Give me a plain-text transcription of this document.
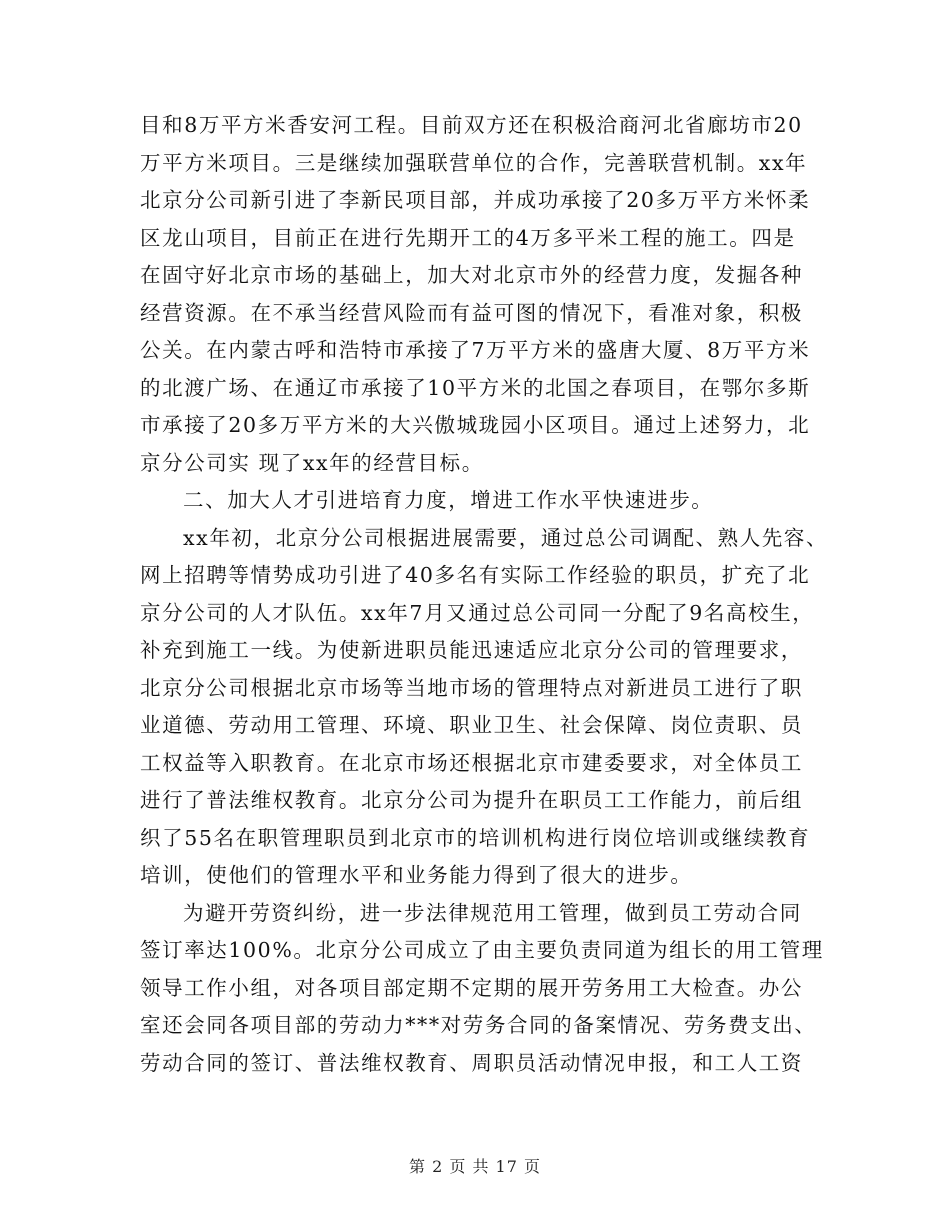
目和8万平方米香安河工程。目前双方还在积极洽商河北省廊坊市20
万平方米项目。三是继续加强联营单位的合作，完善联营机制。xx年
北京分公司新引进了李新民项目部，并成功承接了20多万平方米怀柔
区龙山项目，目前正在进行先期开工的4万多平米工程的施工。四是
在固守好北京市场的基础上，加大对北京市外的经营力度，发掘各种
经营资源。在不承当经营风险而有益可图的情况下，看准对象，积极
公关。在内蒙古呼和浩特市承接了7万平方米的盛唐大厦、8万平方米
的北渡广场、在通辽市承接了10平方米的北国之春项目，在鄂尔多斯
市承接了20多万平方米的大兴傲城珑园小区项目。通过上述努力，北
京分公司实 现了xx年的经营目标。
二、加大人才引进培育力度，增进工作水平快速进步。
xx年初，北京分公司根据进展需要，通过总公司调配、熟人先容、
网上招聘等情势成功引进了40多名有实际工作经验的职员，扩充了北
京分公司的人才队伍。xx年7月又通过总公司同一分配了9名高校生，
补充到施工一线。为使新进职员能迅速适应北京分公司的管理要求，
北京分公司根据北京市场等当地市场的管理特点对新进员工进行了职
业道德、劳动用工管理、环境、职业卫生、社会保障、岗位责职、员
工权益等入职教育。在北京市场还根据北京市建委要求，对全体员工
进行了普法维权教育。北京分公司为提升在职员工工作能力，前后组
织了55名在职管理职员到北京市的培训机构进行岗位培训或继续教育
培训，使他们的管理水平和业务能力得到了很大的进步。
为避开劳资纠纷，进一步法律规范用工管理，做到员工劳动合同
签订率达100%。北京分公司成立了由主要负责同道为组长的用工管理
领导工作小组，对各项目部定期不定期的展开劳务用工大检查。办公
室还会同各项目部的劳动力***对劳务合同的备案情况、劳务费支出、
劳动合同的签订、普法维权教育、周职员活动情况申报，和工人工资
第 2 页 共 17 页
